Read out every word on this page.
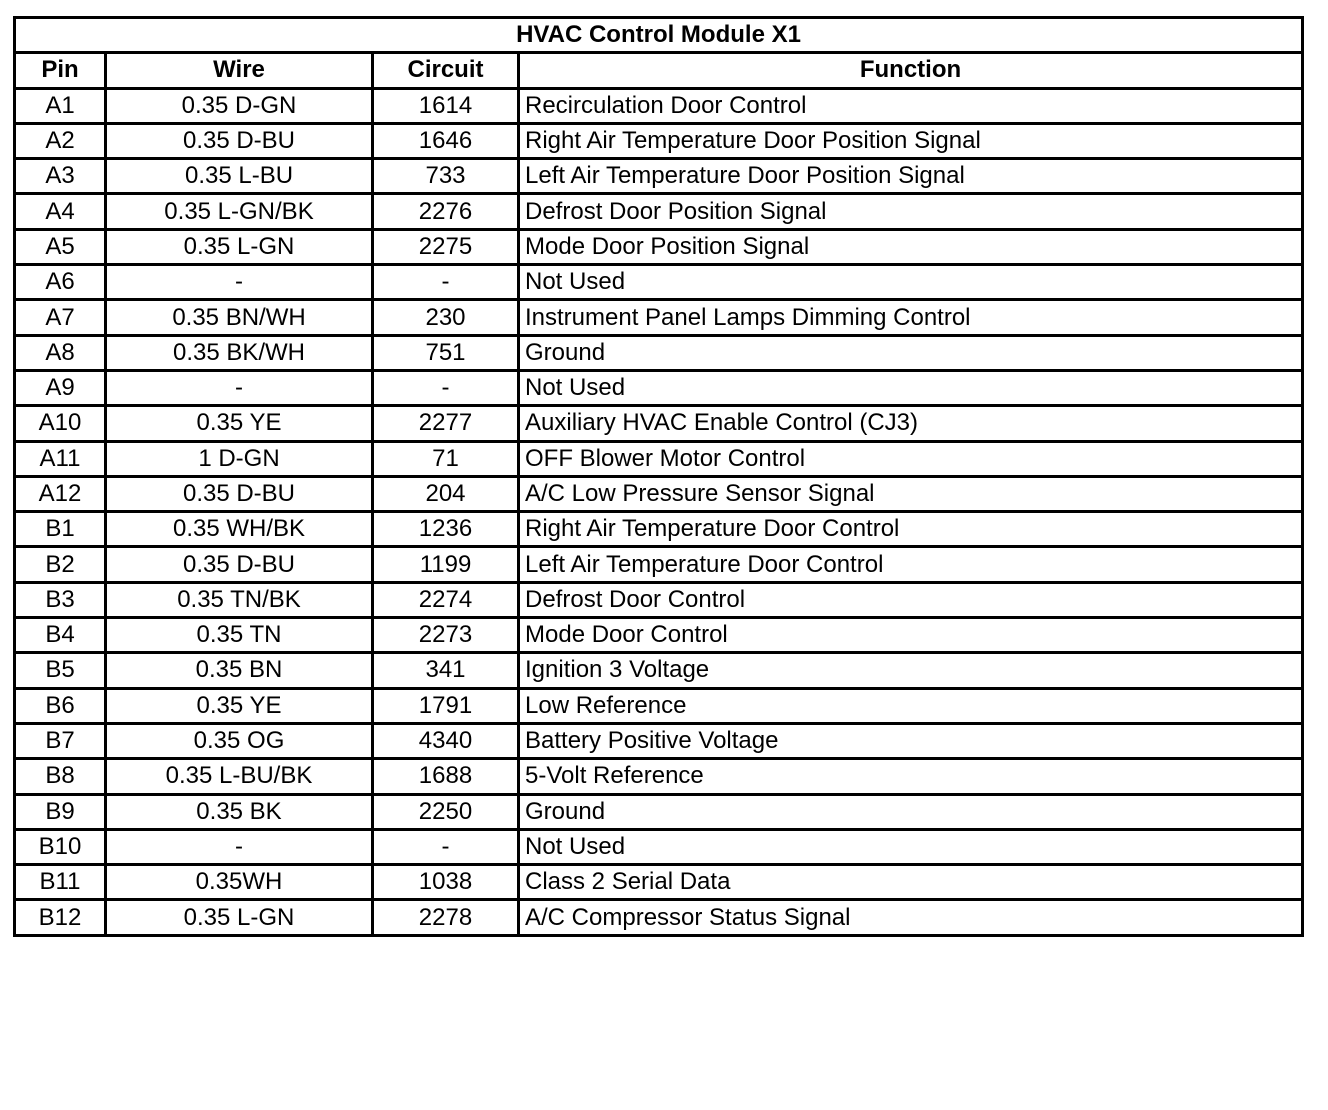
HVAC Control Module X1			
Pin	Wire	Circuit	Function
A1	0.35 D-GN	1614	Recirculation Door Control
A2	0.35 D-BU	1646	Right Air Temperature Door Position Signal
A3	0.35 L-BU	733	Left Air Temperature Door Position Signal
A4	0.35 L-GN/BK	2276	Defrost Door Position Signal
A5	0.35 L-GN	2275	Mode Door Position Signal
A6	-	-	Not Used
A7	0.35 BN/WH	230	Instrument Panel Lamps Dimming Control
A8	0.35 BK/WH	751	Ground
A9	-	-	Not Used
A10	0.35 YE	2277	Auxiliary HVAC Enable Control (CJ3)
A11	1 D-GN	71	OFF Blower Motor Control
A12	0.35 D-BU	204	A/C Low Pressure Sensor Signal
B1	0.35 WH/BK	1236	Right Air Temperature Door Control
B2	0.35 D-BU	1199	Left Air Temperature Door Control
B3	0.35 TN/BK	2274	Defrost Door Control
B4	0.35 TN	2273	Mode Door Control
B5	0.35 BN	341	Ignition 3 Voltage
B6	0.35 YE	1791	Low Reference
B7	0.35 OG	4340	Battery Positive Voltage
B8	0.35 L-BU/BK	1688	5-Volt Reference
B9	0.35 BK	2250	Ground
B10	-	-	Not Used
B11	0.35WH	1038	Class 2 Serial Data
B12	0.35 L-GN	2278	A/C Compressor Status Signal
